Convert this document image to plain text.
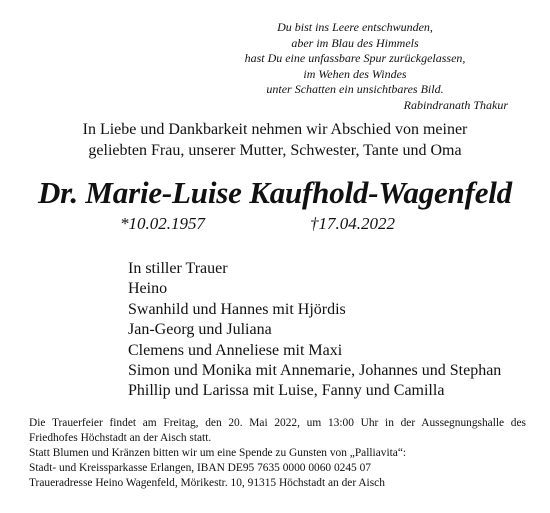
Du bist ins Leere entschwunden,
aber im Blau des Himmels
hast Du eine unfassbare Spur zurückgelassen,
im Wehen des Windes
unter Schatten ein unsichtbares Bild.
Rabindranath Thakur
In Liebe und Dankbarkeit nehmen wir Abschied von meiner
geliebten Frau, unserer Mutter, Schwester, Tante und Oma
Dr. Marie-Luise Kaufhold-Wagenfeld
*10.02.1957	†17.04.2022
In stiller Trauer
Heino
Swanhild und Hannes mit Hjördis
Jan-Georg und Juliana
Clemens und Anneliese mit Maxi
Simon und Monika mit Annemarie, Johannes und Stephan
Phillip und Larissa mit Luise, Fanny und Camilla
Die Trauerfeier findet am Freitag, den 20. Mai 2022, um 13:00 Uhr in der Aussegnungshalle des
Friedhofes Höchstadt an der Aisch statt.
Statt Blumen und Kränzen bitten wir um eine Spende zu Gunsten von „Palliavita“:
Stadt- und Kreissparkasse Erlangen, IBAN DE95 7635 0000 0060 0245 07
Traueradresse Heino Wagenfeld, Mörikestr. 10, 91315 Höchstadt an der Aisch
